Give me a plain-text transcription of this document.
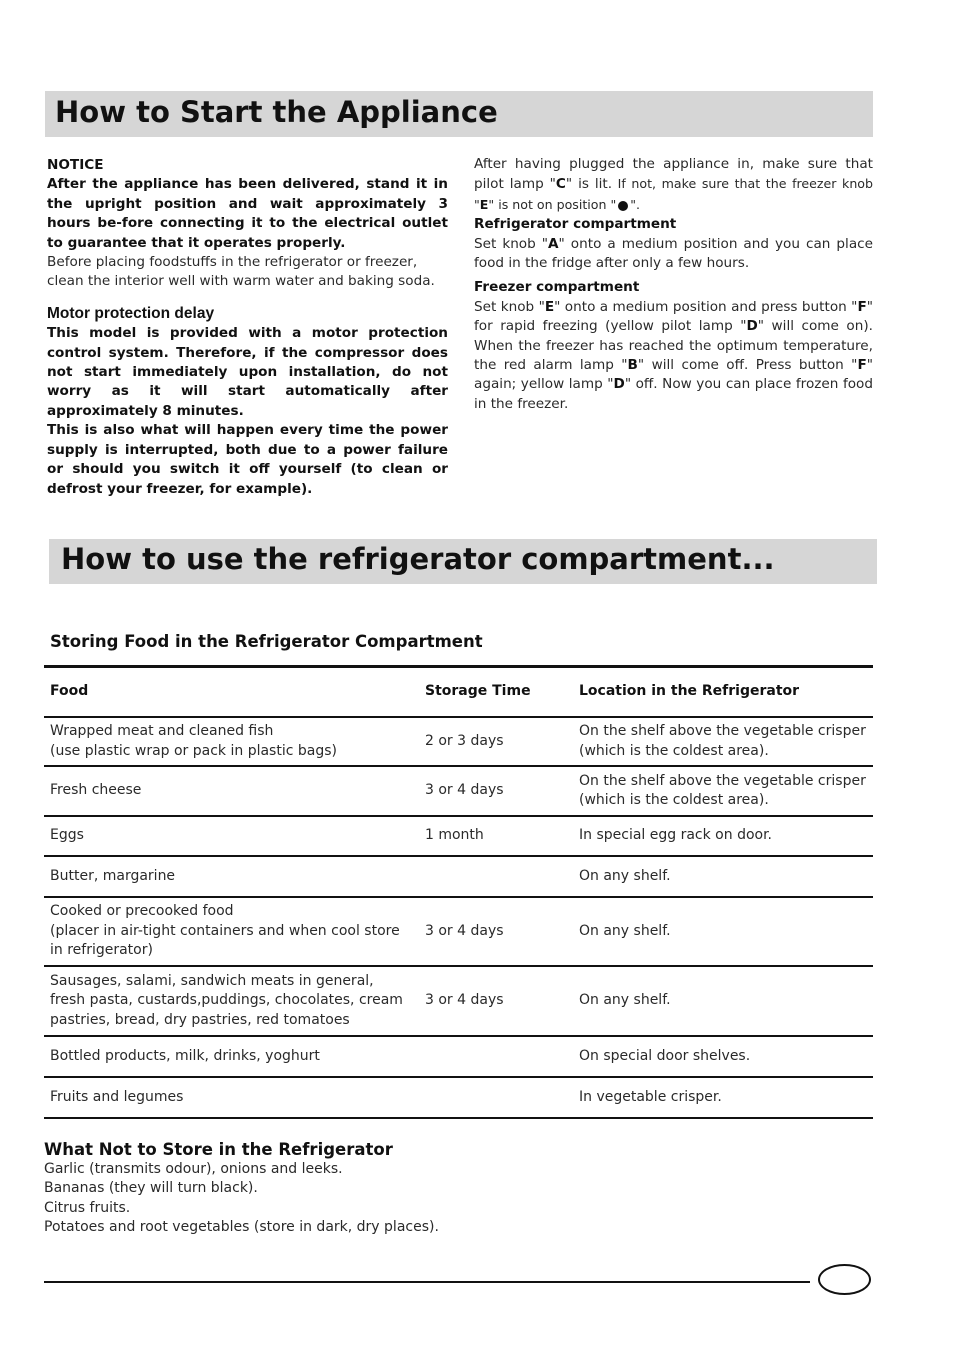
How to Start the Appliance
NOTICE
After the appliance has been delivered, stand it in the upright position and wait approximately 3 hours be-fore connecting it to the electrical outlet to guarantee that it operates properly.
Before placing foodstuffs in the refrigerator or freezer, clean the interior well with warm water and baking soda.
Motor protection delay
This model is provided with a motor protection control system. Therefore, if the compressor does not start immediately upon installation, do not worry as it will start automatically after approximately 8 minutes.
This is also what will happen every time the power supply is interrupted, both due to a power failure or should you switch it off yourself (to clean or defrost your freezer, for example).
After having plugged the appliance in, make sure that pilot lamp "C" is lit. If not, make sure that the freezer knob "E" is not on position " ".
Refrigerator compartment
Set knob "A" onto a medium position and you can place food in the fridge after only a few hours.
Freezer compartment
Set knob "E" onto a medium position and press button "F" for rapid freezing (yellow pilot lamp "D" will come on). When the freezer has reached the optimum temperature, the red alarm lamp "B" will come off. Press button "F" again; yellow lamp "D" off. Now you can place frozen food in the freezer.
How to use the refrigerator compartment...
Storing Food in the Refrigerator Compartment
Food	Storage Time	Location in the Refrigerator
Wrapped meat and cleaned fish
(use plastic wrap or pack in plastic bags)	2 or 3 days	On the shelf above the vegetable crisper
(which is the coldest area).
Fresh cheese	3 or 4 days	On the shelf above the vegetable crisper
(which is the coldest area).
Eggs	1 month	In special egg rack on door.
Butter, margarine		On any shelf.
Cooked or precooked food
(placer in air-tight containers and when cool store in refrigerator)	3 or 4 days	On any shelf.
Sausages, salami, sandwich meats in general, fresh pasta, custards,puddings, chocolates, cream pastries, bread, dry pastries, red tomatoes	3 or 4 days	On any shelf.
Bottled products, milk, drinks, yoghurt		On special door shelves.
Fruits and legumes		In vegetable crisper.
What Not to Store in the Refrigerator
Garlic (transmits odour), onions and leeks.
Bananas (they will turn black).
Citrus fruits.
Potatoes and root vegetables (store in dark, dry places).
